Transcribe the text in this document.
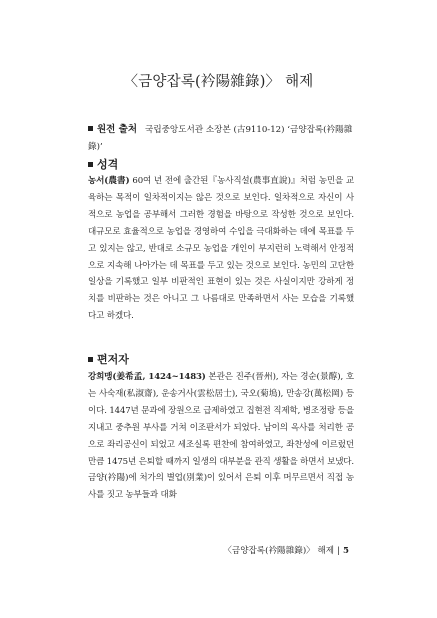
〈금양잡록(衿陽雜錄)〉 해제
원전 출처 국립중앙도서관 소장본 (古9110-12) ‘금양잡록(衿陽雜錄)’
성격
농서(農書) 60여 년 전에 출간된『농사직설(農事直說)』처럼 농민을 교육하는 목적이 일차적이지는 않은 것으로 보인다. 일차적으로 자신이 사적으로 농업을 공부해서 그러한 경험을 바탕으로 작성한 것으로 보인다. 대규모로 효율적으로 농업을 경영하여 수입을 극대화하는 데에 목표를 두고 있지는 않고, 반대로 소규모 농업을 개인이 부지런히 노력해서 안정적으로 지속해 나아가는 데 목표를 두고 있는 것으로 보인다. 농민의 고단한 일상을 기록했고 일부 비판적인 표현이 있는 것은 사실이지만 강하게 정치를 비판하는 것은 아니고 그 나름대로 만족하면서 사는 모습을 기록했다고 하겠다.
편저자
강희맹(姜希孟, 1424~1483) 본관은 진주(晉州), 자는 경순(景醇), 호는 사숙재(私淑齋), 운송거사(雲松居士), 국오(菊塢), 만송강(萬松岡) 등이다. 1447년 문과에 장원으로 급제하였고 집현전 직제학, 병조정랑 등을 지내고 중추원 부사를 거쳐 이조판서가 되었다. 남이의 옥사를 처리한 공으로 좌리공신이 되었고 세조실록 편찬에 참여하였고, 좌찬성에 이르렀던 만큼 1475년 은퇴할 때까지 일생의 대부분을 관직 생활을 하면서 보냈다. 금양(衿陽)에 처가의 별업(別業)이 있어서 은퇴 이후 머무르면서 직접 농사를 짓고 농부들과 대화
〈금양잡록(衿陽雜錄)〉 해제 | 5
